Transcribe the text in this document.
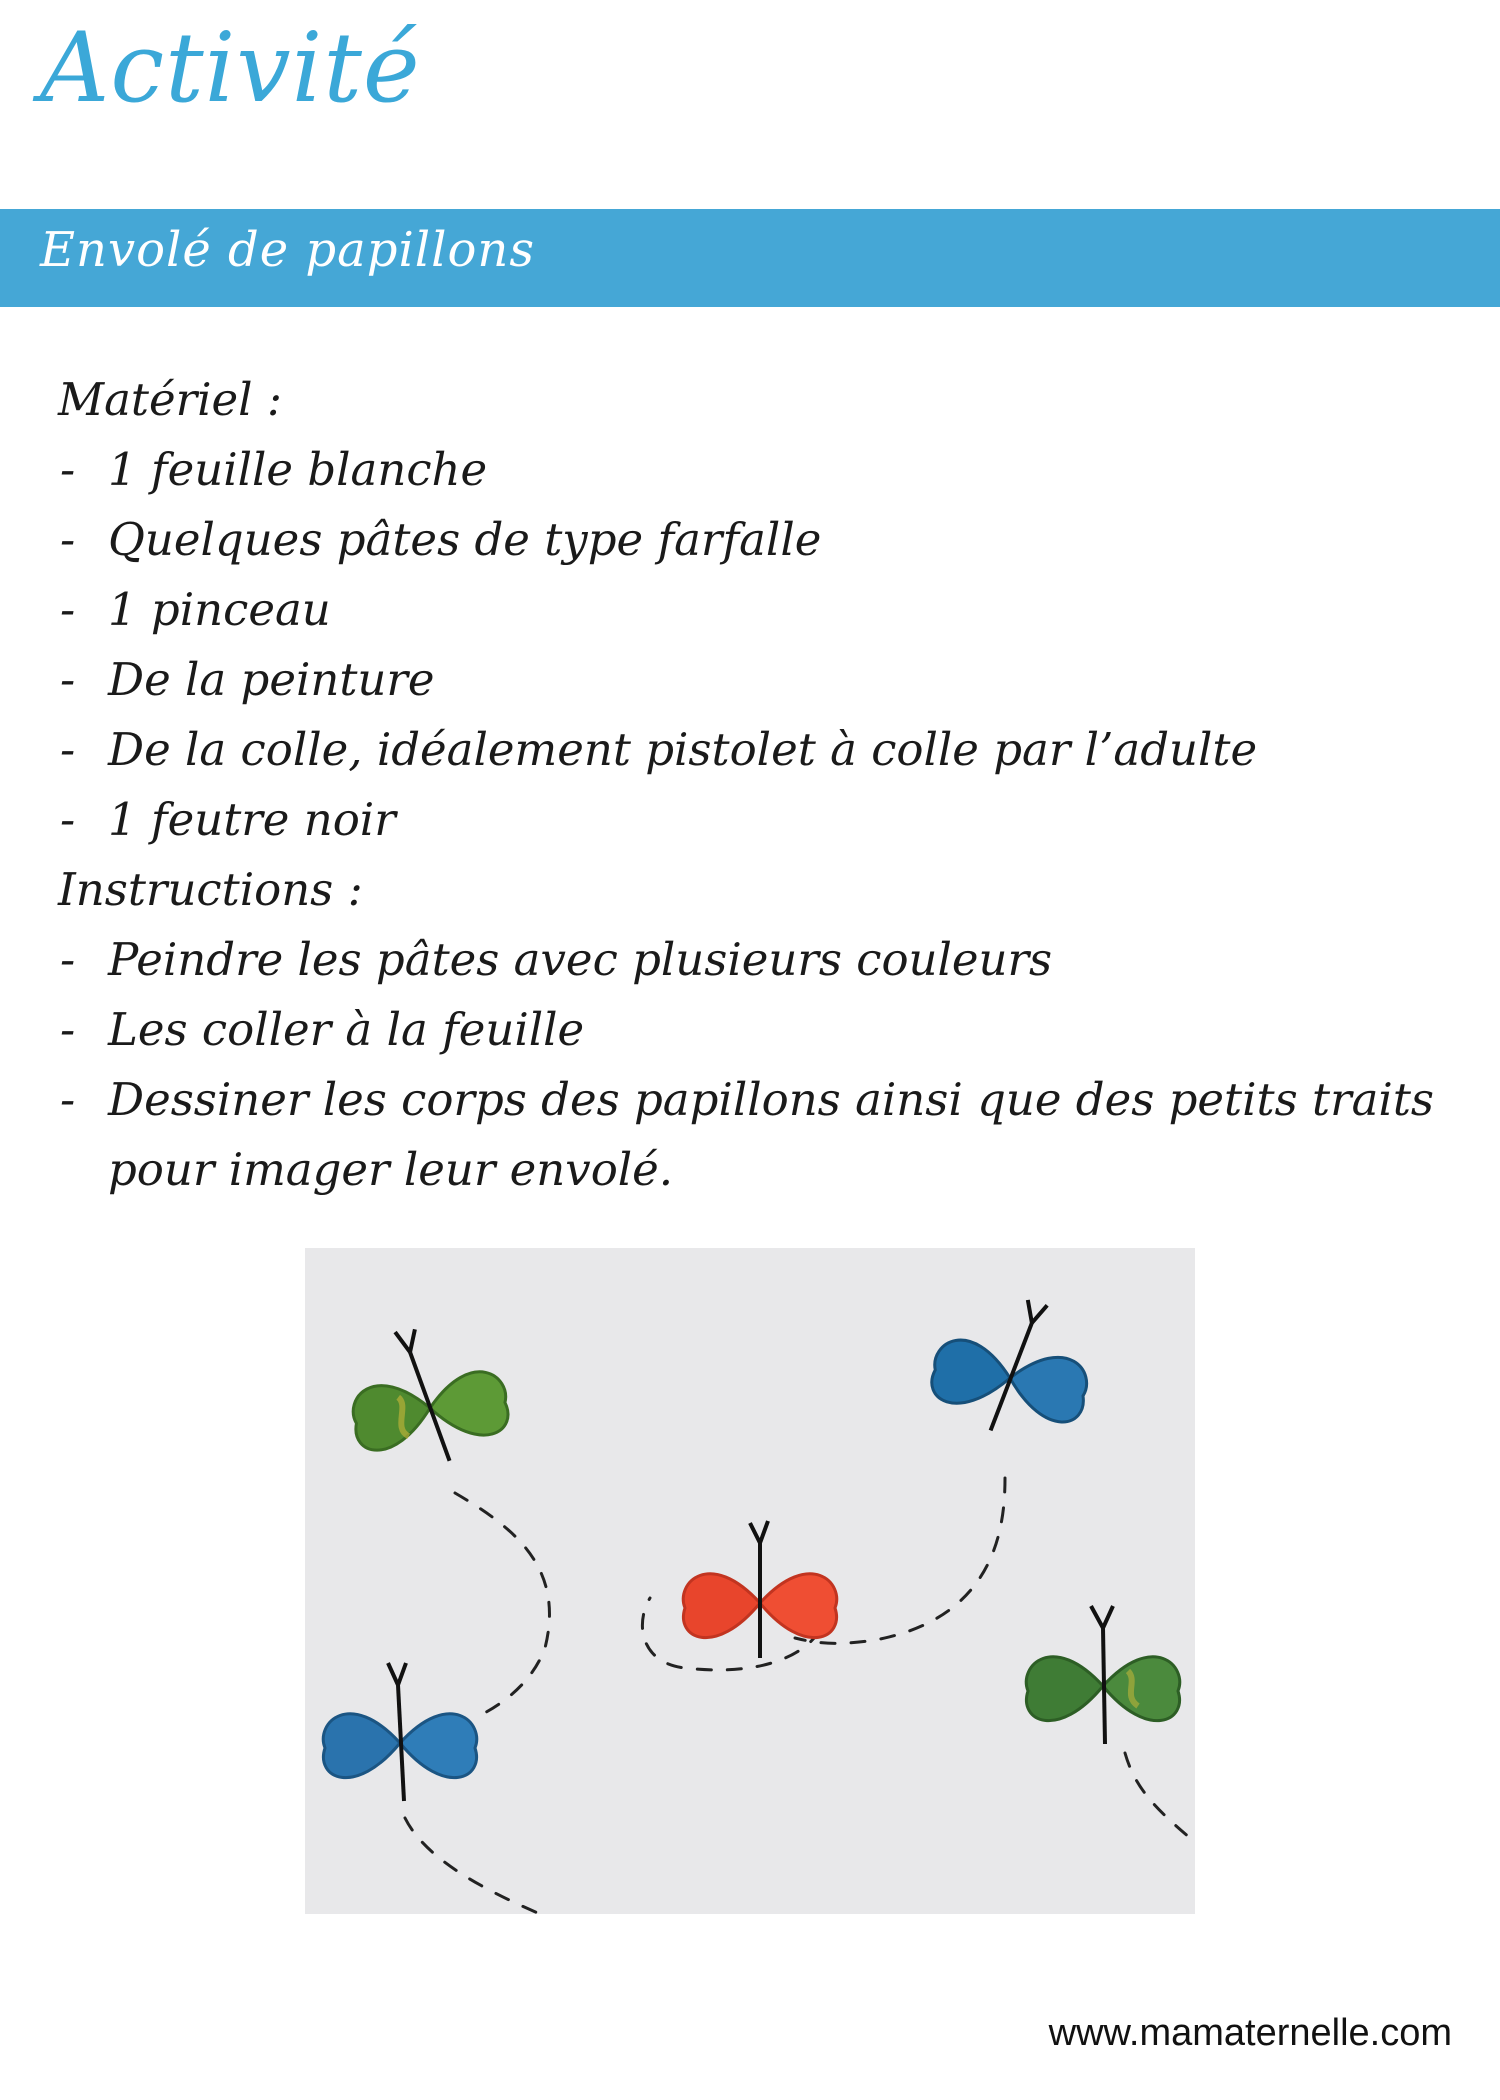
Activité
Envolé de papillons
Matériel :
- 1 feuille blanche
- Quelques pâtes de type farfalle
- 1 pinceau
- De la peinture
- De la colle, idéalement pistolet à colle par l’adulte
- 1 feutre noir
Instructions :
- Peindre les pâtes avec plusieurs couleurs
- Les coller à la feuille
- Dessiner les corps des papillons ainsi que des petits traits pour imager leur envolé.
www.mamaternelle.com
